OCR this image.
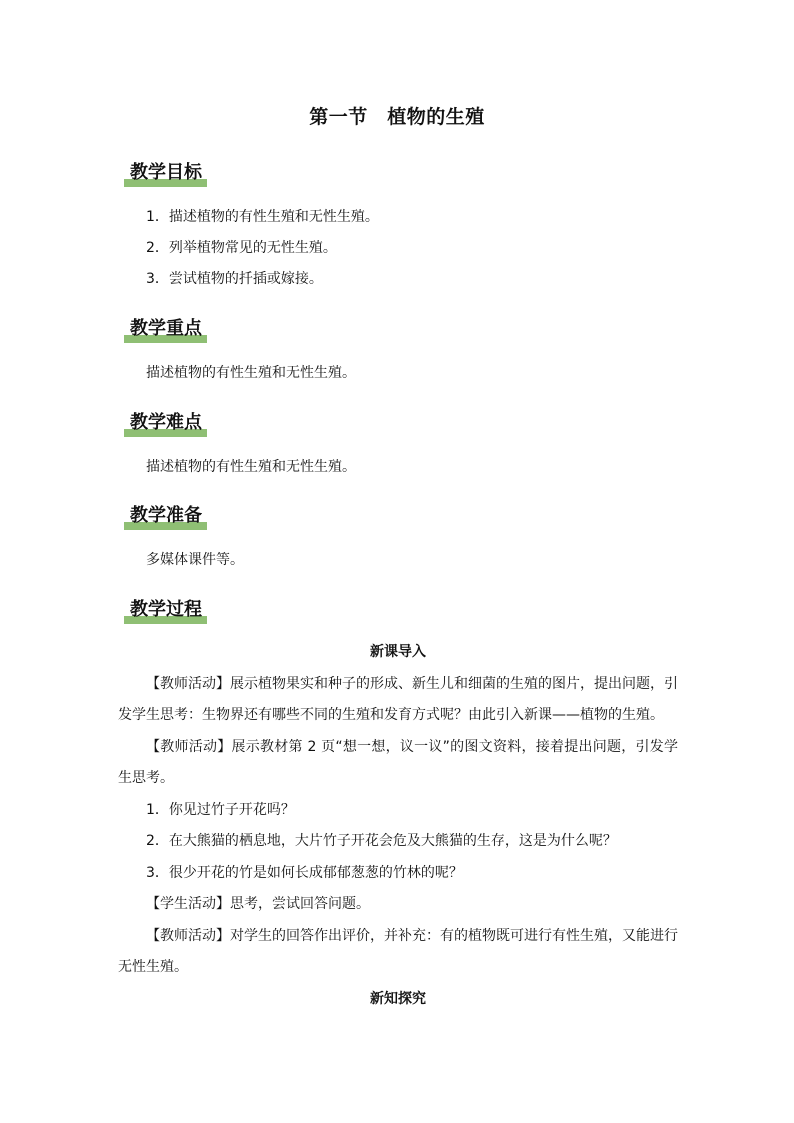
第一节　植物的生殖
教学目标
1．描述植物的有性生殖和无性生殖。
2．列举植物常见的无性生殖。
3．尝试植物的扦插或嫁接。
教学重点
描述植物的有性生殖和无性生殖。
教学难点
描述植物的有性生殖和无性生殖。
教学准备
多媒体课件等。
教学过程
新课导入
【教师活动】展示植物果实和种子的形成、新生儿和细菌的生殖的图片，提出问题，引发学生思考：生物界还有哪些不同的生殖和发育方式呢？由此引入新课——植物的生殖。
【教师活动】展示教材第 2 页“想一想，议一议”的图文资料，接着提出问题，引发学生思考。
1．你见过竹子开花吗？
2．在大熊猫的栖息地，大片竹子开花会危及大熊猫的生存，这是为什么呢？
3．很少开花的竹是如何长成郁郁葱葱的竹林的呢？
【学生活动】思考，尝试回答问题。
【教师活动】对学生的回答作出评价，并补充：有的植物既可进行有性生殖，又能进行无性生殖。
新知探究
